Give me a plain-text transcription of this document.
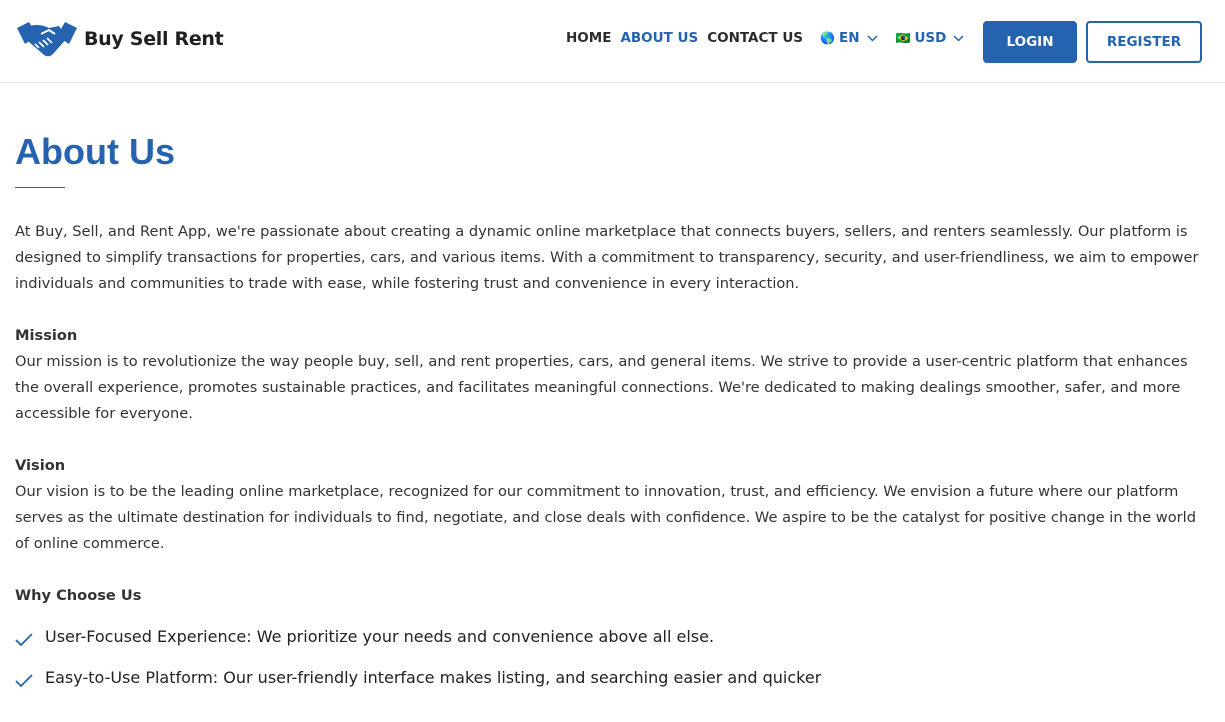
Buy Sell Rent	HOME ABOUT US CONTACT US 🌎 EN	🇧🇷 USD	LOGIN	REGISTER
About Us

At Buy, Sell, and Rent App, we're passionate about creating a dynamic online marketplace that connects buyers, sellers, and renters seamlessly. Our platform is designed to simplify transactions for properties, cars, and various items. With a commitment to transparency, security, and user-friendliness, we aim to empower individuals and communities to trade with ease, while fostering trust and convenience in every interaction.

Mission

Our mission is to revolutionize the way people buy, sell, and rent properties, cars, and general items. We strive to provide a user-centric platform that enhances the overall experience, promotes sustainable practices, and facilitates meaningful connections. We're dedicated to making dealings smoother, safer, and more accessible for everyone.

Vision

Our vision is to be the leading online marketplace, recognized for our commitment to innovation, trust, and efficiency. We envision a future where our platform serves as the ultimate destination for individuals to find, negotiate, and close deals with confidence. We aspire to be the catalyst for positive change in the world of online commerce.

Why Choose Us
User-Focused Experience: We prioritize your needs and convenience above all else.
Easy-to-Use Platform: Our user-friendly interface makes listing, and searching easier and quicker
